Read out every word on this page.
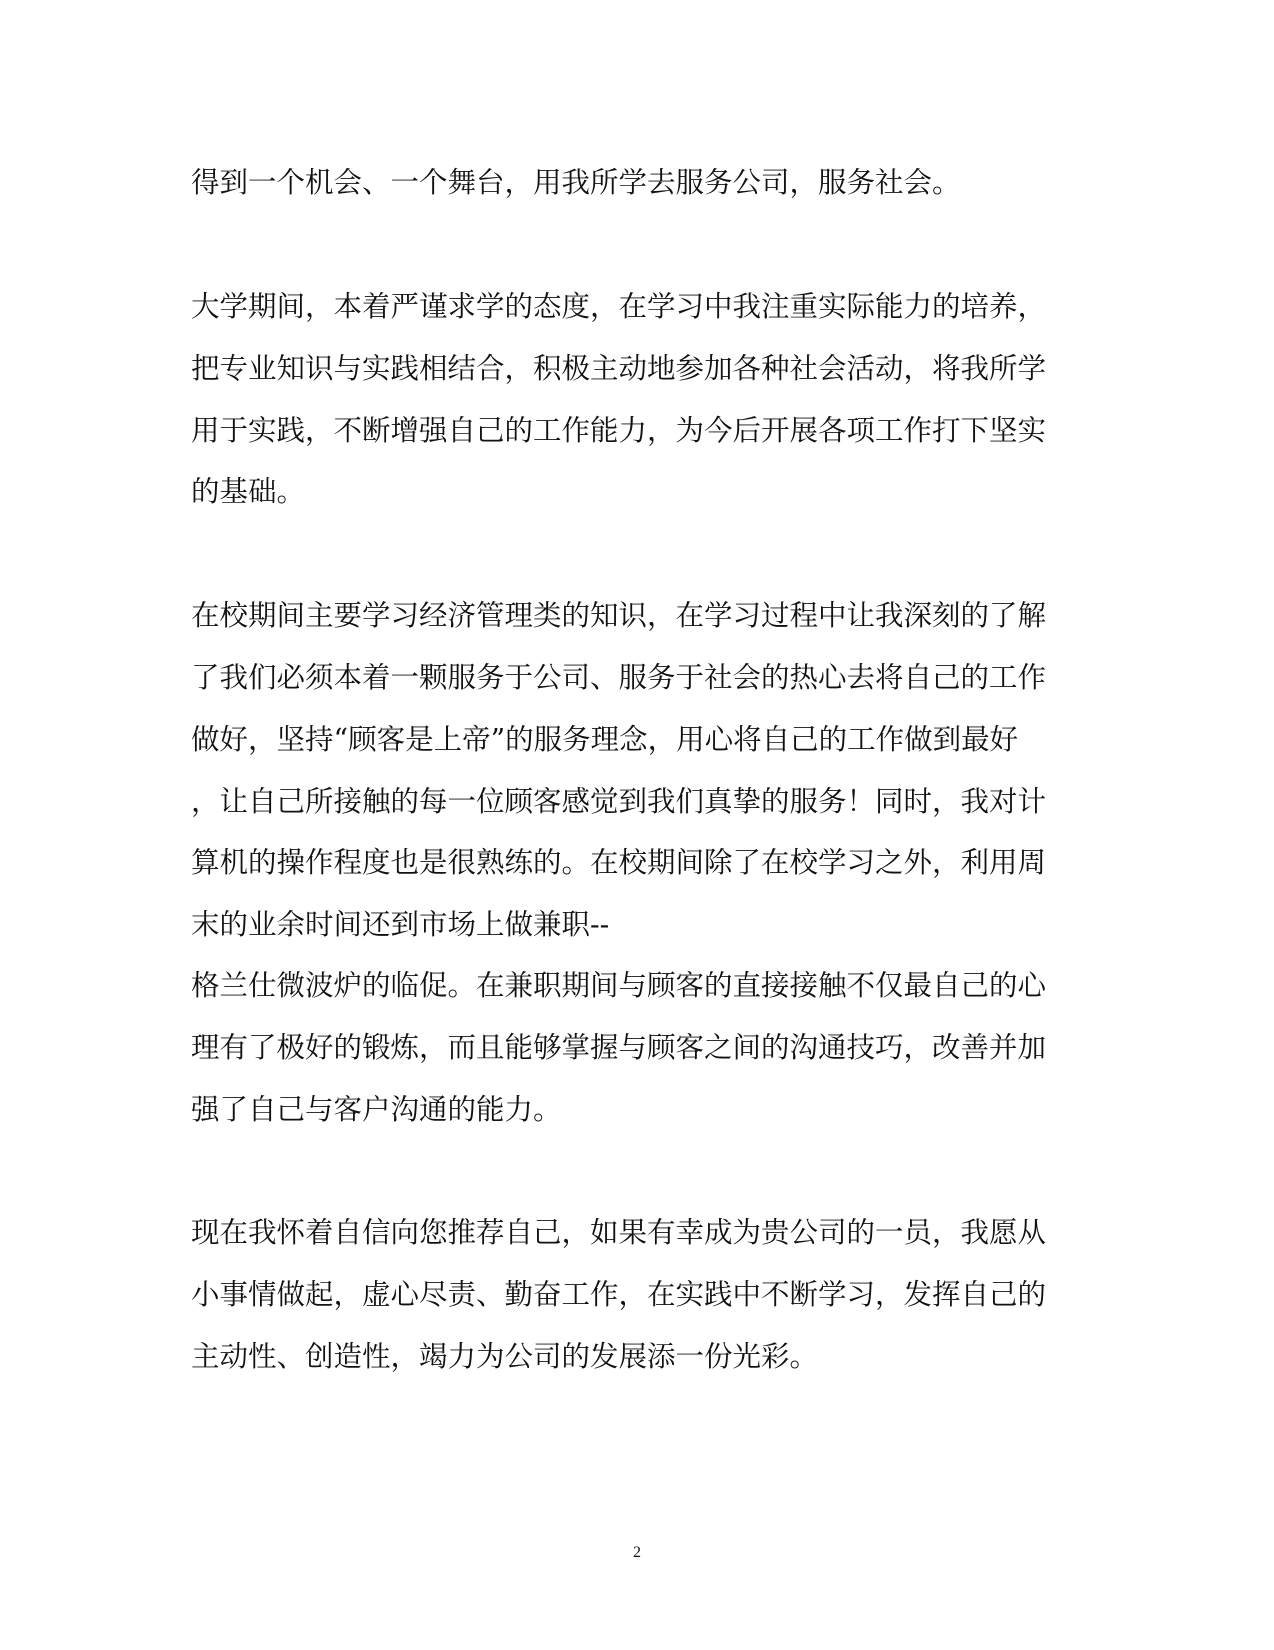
得到一个机会、一个舞台，用我所学去服务公司，服务社会。
大学期间，本着严谨求学的态度，在学习中我注重实际能力的培养，
把专业知识与实践相结合，积极主动地参加各种社会活动，将我所学
用于实践，不断增强自己的工作能力，为今后开展各项工作打下坚实
的基础。
在校期间主要学习经济管理类的知识，在学习过程中让我深刻的了解
了我们必须本着一颗服务于公司、服务于社会的热心去将自己的工作
做好，坚持“顾客是上帝”的服务理念，用心将自己的工作做到最好
，让自己所接触的每一位顾客感觉到我们真挚的服务！同时，我对计
算机的操作程度也是很熟练的。在校期间除了在校学习之外，利用周
末的业余时间还到市场上做兼职--
格兰仕微波炉的临促。在兼职期间与顾客的直接接触不仅最自己的心
理有了极好的锻炼，而且能够掌握与顾客之间的沟通技巧，改善并加
强了自己与客户沟通的能力。
现在我怀着自信向您推荐自己，如果有幸成为贵公司的一员，我愿从
小事情做起，虚心尽责、勤奋工作，在实践中不断学习，发挥自己的
主动性、创造性，竭力为公司的发展添一份光彩。
2
